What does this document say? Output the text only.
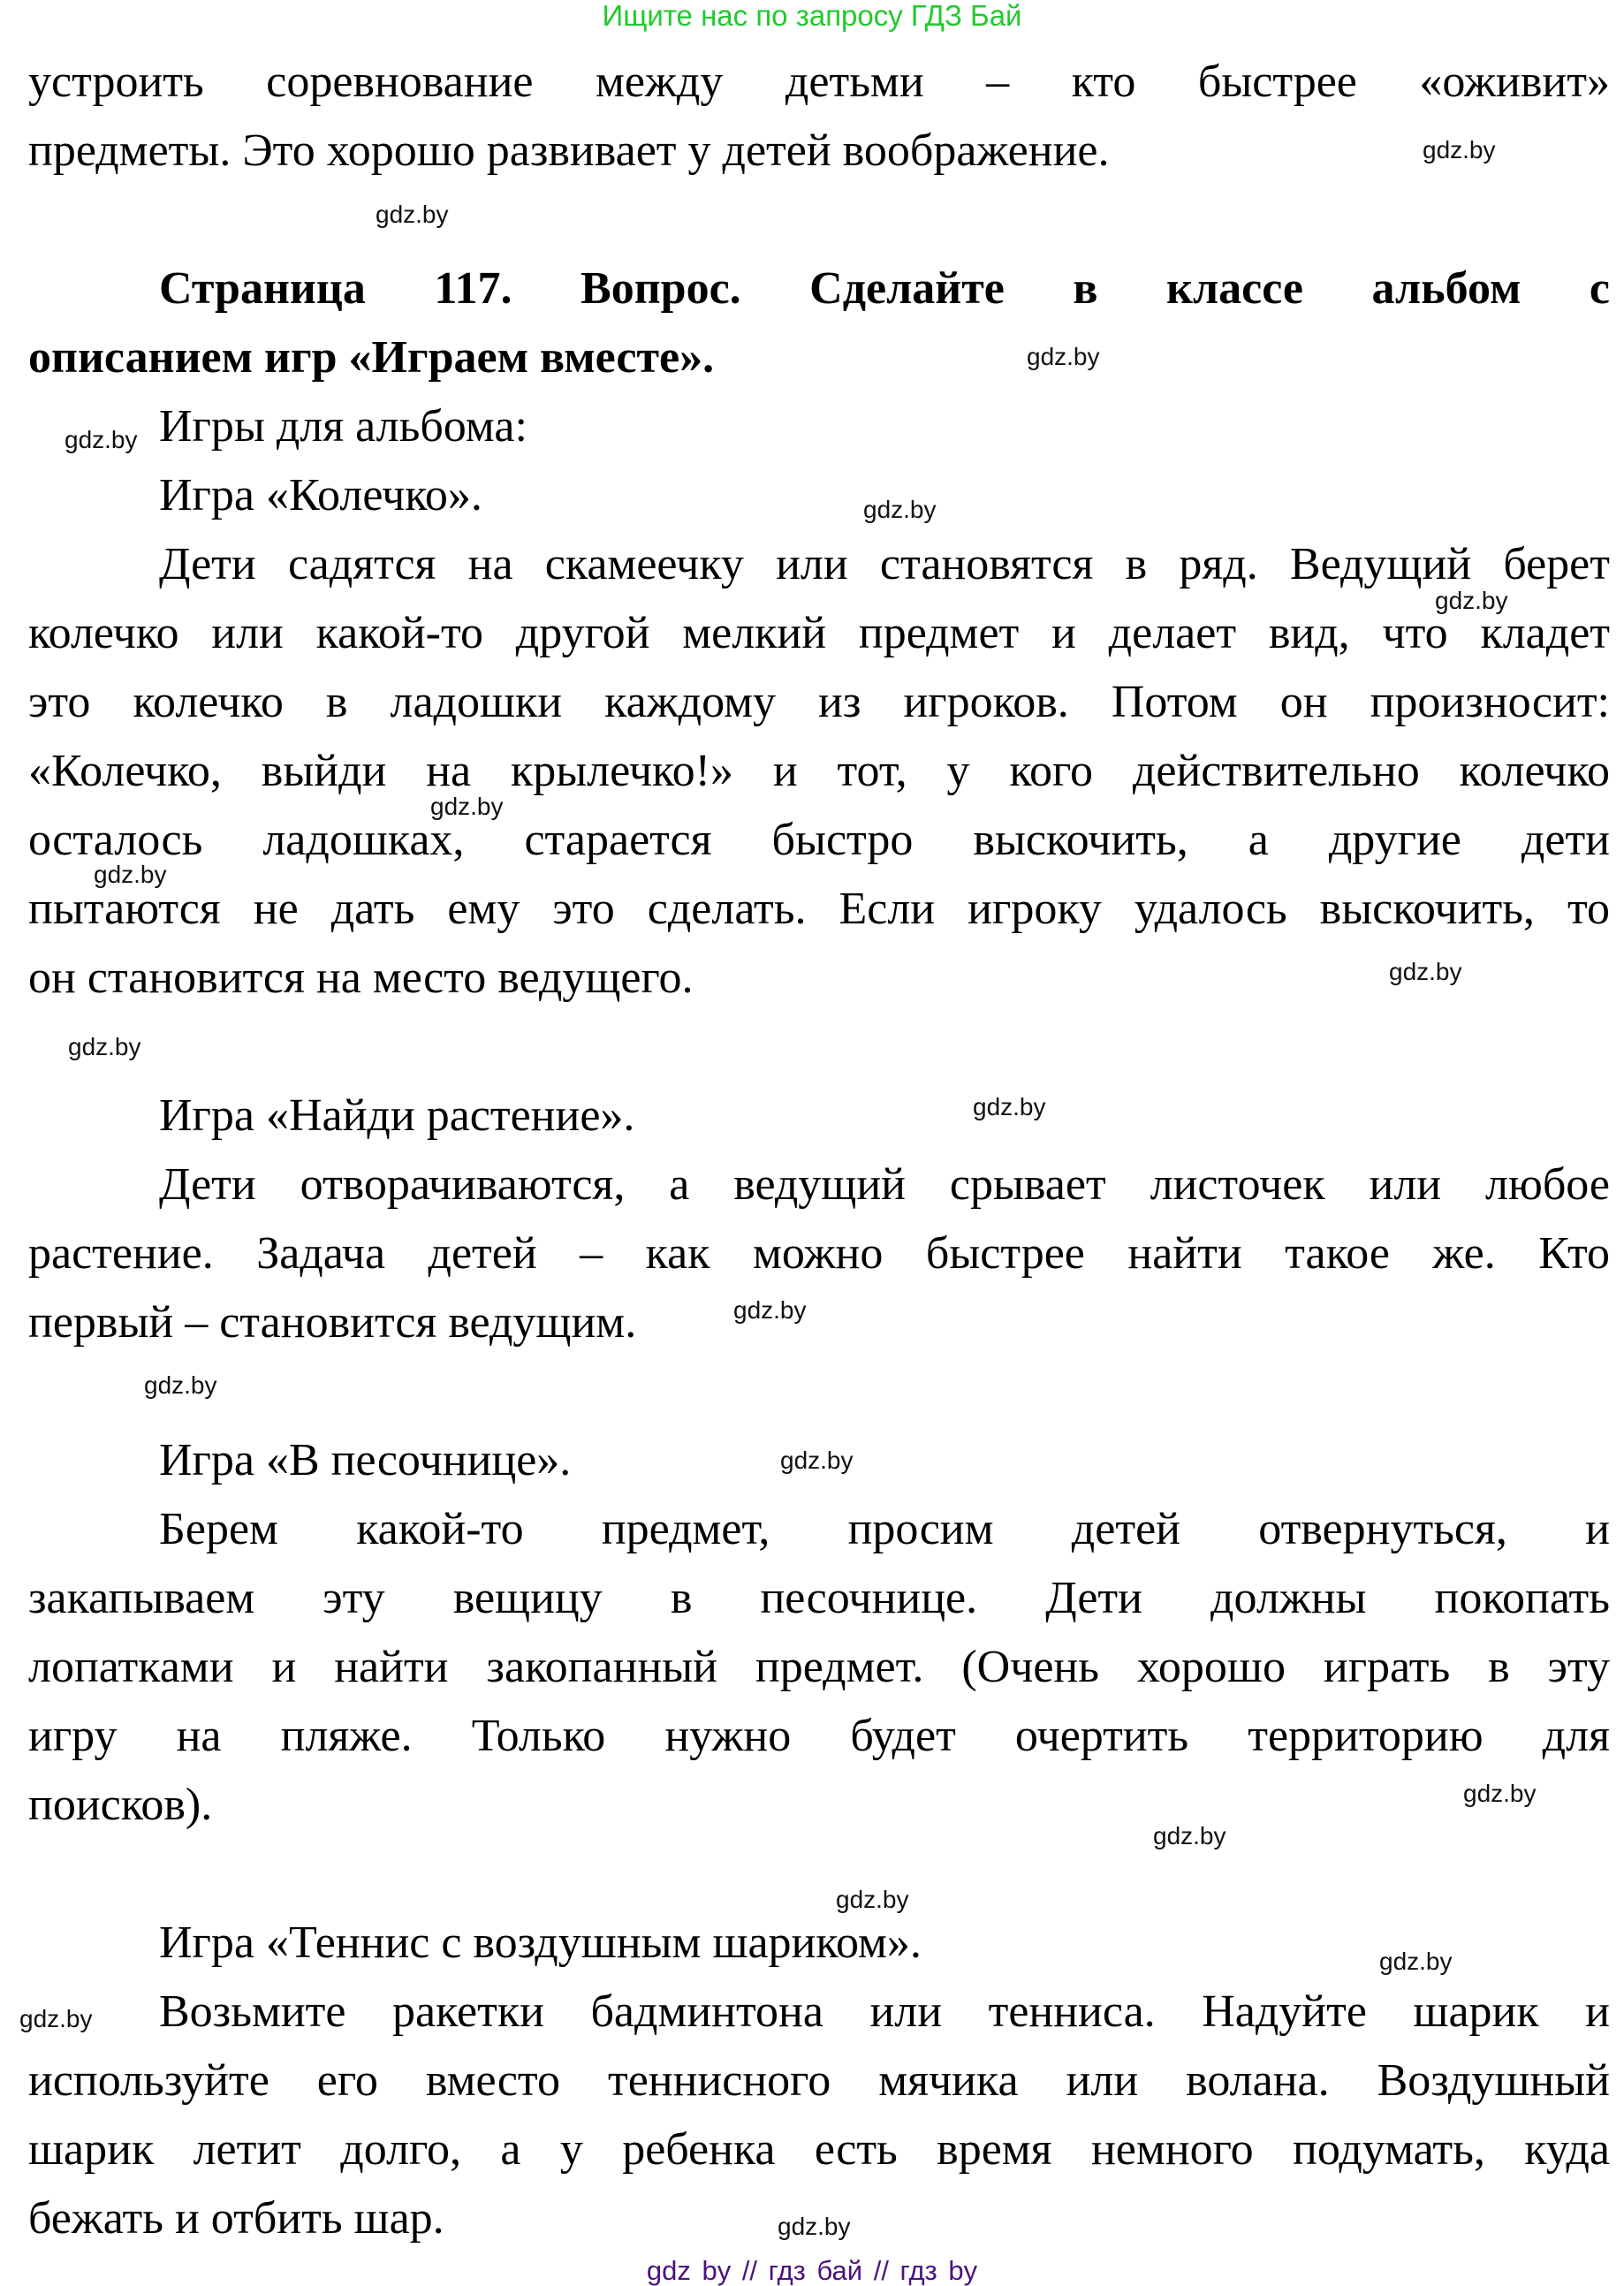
Ищите нас по запросу ГДЗ Бай
устроить соревнование между детьми – кто быстрее «оживит»
предметы. Это хорошо развивает у детей воображение.
Страница 117. Вопрос. Сделайте в классе альбом с
описанием игр «Играем вместе».
Игры для альбома:
Игра «Колечко».
Дети садятся на скамеечку или становятся в ряд. Ведущий берет
колечко или какой-то другой мелкий предмет и делает вид, что кладет
это колечко в ладошки каждому из игроков. Потом он произносит:
«Колечко, выйди на крылечко!» и тот, у кого действительно колечко
осталось ладошках, старается быстро выскочить, а другие дети
пытаются не дать ему это сделать. Если игроку удалось выскочить, то
он становится на место ведущего.
Игра «Найди растение».
Дети отворачиваются, а ведущий срывает листочек или любое
растение. Задача детей – как можно быстрее найти такое же. Кто
первый – становится ведущим.
Игра «В песочнице».
Берем какой-то предмет, просим детей отвернуться, и
закапываем эту вещицу в песочнице. Дети должны покопать
лопатками и найти закопанный предмет. (Очень хорошо играть в эту
игру на пляже. Только нужно будет очертить территорию для
поисков).
Игра «Теннис с воздушным шариком».
Возьмите ракетки бадминтона или тенниса. Надуйте шарик и
используйте его вместо теннисного мячика или волана. Воздушный
шарик летит долго, а у ребенка есть время немного подумать, куда
бежать и отбить шар.
gdz.by
gdz.by
gdz.by
gdz.by
gdz.by
gdz.by
gdz.by
gdz.by
gdz.by
gdz.by
gdz.by
gdz.by
gdz.by
gdz.by
gdz.by
gdz.by
gdz.by
gdz.by
gdz.by
gdz.by
gdz by // гдз бай // гдз by
